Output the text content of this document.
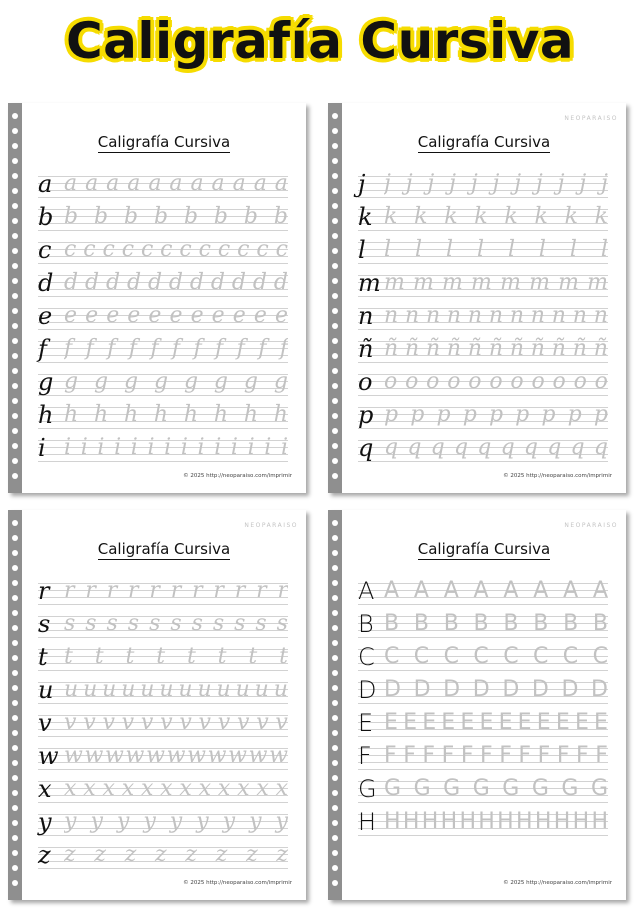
Caligrafía Cursiva
Caligrafía Cursiva
a a a a a a a a a a a a
b b b b b b b b b
c c c c c c c c c c c c c
d d d d d d d d d d d d
e e e e e e e e e e e e
f f f f f f f f f f f f
g g g g g g g g g
h h h h h h h h h
i i i i i i i i i i i i i i i
© 2025 http://neoparaiso.com/imprimir
NEOPARAISO
Caligrafía Cursiva
j j j j j j j j j j j j
k k k k k k k k k
l l l l l l l l l
m m m m m m m m m
n n n n n n n n n n n n
ñ ñ ñ ñ ñ ñ ñ ñ ñ ñ ñ ñ
o o o o o o o o o o o o
p p p p p p p p p p
q q q q q q q q q q q
© 2025 http://neoparaiso.com/imprimir
NEOPARAISO
Caligrafía Cursiva
r r r r r r r r r r r r
s s s s s s s s s s s s
t t t t t t t t t
u u u u u u u u u u u u u
v v v v v v v v v v v v v
w w w w w w w w w w w w
x x x x x x x x x x x x x
y y y y y y y y y y
z z z z z z z z z
© 2025 http://neoparaiso.com/imprimir
NEOPARAISO
Caligrafía Cursiva
A A A A A A A A A
B B B B B B B B B
C C C C C C C C C
D D D D D D D D D
E E E E E E E E E E E E E
F F F F F F F F F F F F F
G G G G G G G G G
H H H H H H H H H H H H H
© 2025 http://neoparaiso.com/imprimir
